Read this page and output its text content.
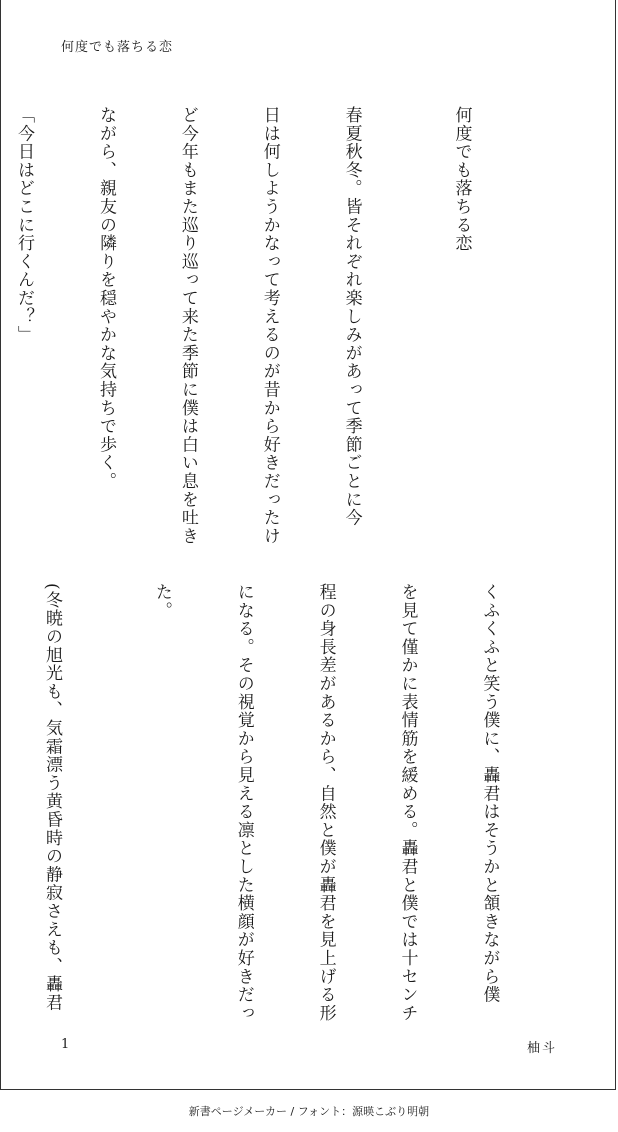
何度でも落ちる恋

何度でも落ちる恋

春夏秋冬。皆それぞれ楽しみがあって季節ごとに今

日は何しようかなって考えるのが昔から好きだったけ

ど今年もまた巡り巡って来た季節に僕は白い息を吐き

ながら、親友の隣りを穏やかな気持ちで歩く。

「今日はどこに行くんだ？」

くふくふと笑う僕に、轟君はそうかと頷きながら僕

を見て僅かに表情筋を緩める。轟君と僕では十センチ

程の身長差があるから、自然と僕が轟君を見上げる形

になる。その視覚から見える凛とした横顔が好きだっ

た。

(冬暁の旭光も、気霜漂う黄昏時の静寂さえも、轟君

1	柚斗
新書ページメーカー / フォント：源暎こぶり明朝
